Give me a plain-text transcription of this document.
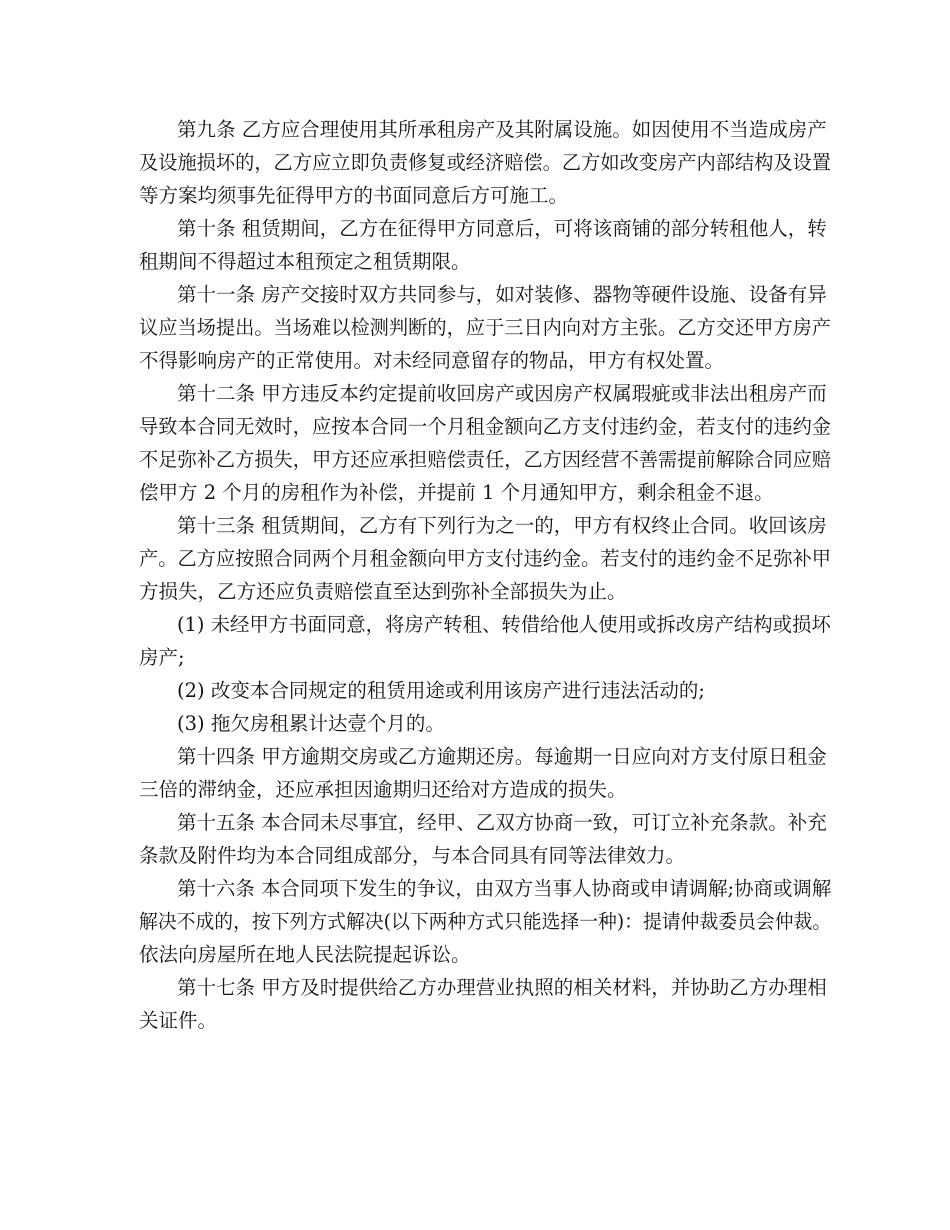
第九条 乙方应合理使用其所承租房产及其附属设施。如因使用不当造成房产
及设施损坏的，乙方应立即负责修复或经济赔偿。乙方如改变房产内部结构及设置
等方案均须事先征得甲方的书面同意后方可施工。
第十条 租赁期间，乙方在征得甲方同意后，可将该商铺的部分转租他人，转
租期间不得超过本租预定之租赁期限。
第十一条 房产交接时双方共同参与，如对装修、器物等硬件设施、设备有异
议应当场提出。当场难以检测判断的，应于三日内向对方主张。乙方交还甲方房产
不得影响房产的正常使用。对未经同意留存的物品，甲方有权处置。
第十二条 甲方违反本约定提前收回房产或因房产权属瑕疵或非法出租房产而
导致本合同无效时，应按本合同一个月租金额向乙方支付违约金，若支付的违约金
不足弥补乙方损失，甲方还应承担赔偿责任，乙方因经营不善需提前解除合同应赔
偿甲方 2 个月的房租作为补偿，并提前 1 个月通知甲方，剩余租金不退。
第十三条 租赁期间，乙方有下列行为之一的，甲方有权终止合同。收回该房
产。乙方应按照合同两个月租金额向甲方支付违约金。若支付的违约金不足弥补甲
方损失，乙方还应负责赔偿直至达到弥补全部损失为止。
(1) 未经甲方书面同意，将房产转租、转借给他人使用或拆改房产结构或损坏
房产;
(2) 改变本合同规定的租赁用途或利用该房产进行违法活动的;
(3) 拖欠房租累计达壹个月的。
第十四条 甲方逾期交房或乙方逾期还房。每逾期一日应向对方支付原日租金
三倍的滞纳金，还应承担因逾期归还给对方造成的损失。
第十五条 本合同未尽事宜，经甲、乙双方协商一致，可订立补充条款。补充
条款及附件均为本合同组成部分，与本合同具有同等法律效力。
第十六条 本合同项下发生的争议，由双方当事人协商或申请调解;协商或调解
解决不成的，按下列方式解决(以下两种方式只能选择一种)：提请仲裁委员会仲裁。
依法向房屋所在地人民法院提起诉讼。
第十七条 甲方及时提供给乙方办理营业执照的相关材料，并协助乙方办理相
关证件。
